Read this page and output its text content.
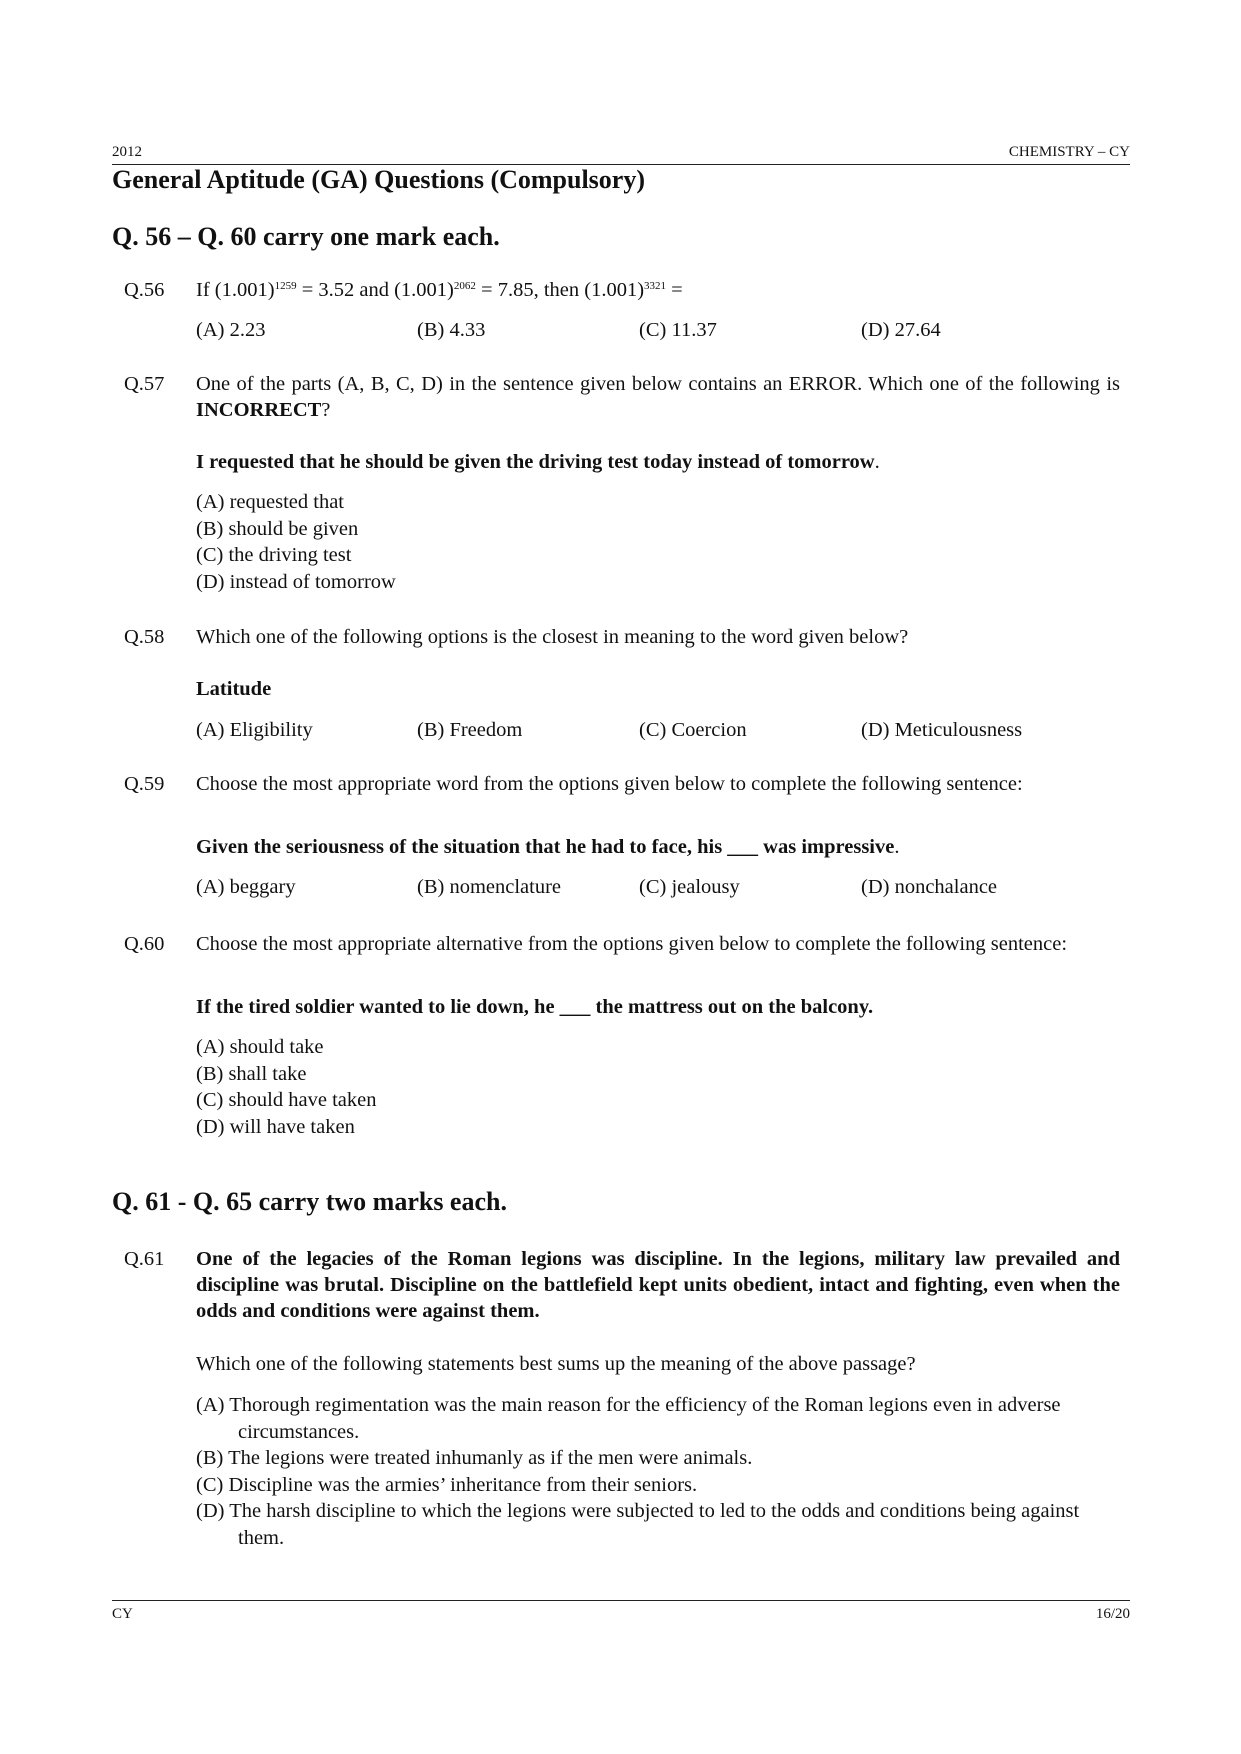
2012	CHEMISTRY – CY
General Aptitude (GA) Questions (Compulsory)
Q. 56 – Q. 60 carry one mark each.
Q.56 If $(1.001)^{1259} = 3.52$ and $(1.001)^{2062} = 7.85$, then $(1.001)^{3321}$ =
(A) 2.23	(B) 4.33	(C) 11.37	(D) 27.64
Q.57 One of the parts (A, B, C, D) in the sentence given below contains an ERROR. Which one of the following is INCORRECT?
I requested that he should be given the driving test today instead of tomorrow.
(A) requested that
(B) should be given
(C) the driving test
(D) instead of tomorrow
Q.58 Which one of the following options is the closest in meaning to the word given below?
Latitude
(A) Eligibility	(B) Freedom	(C) Coercion	(D) Meticulousness
Q.59 Choose the most appropriate word from the options given below to complete the following sentence:
Given the seriousness of the situation that he had to face, his ___ was impressive.
(A) beggary	(B) nomenclature	(C) jealousy	(D) nonchalance
Q.60 Choose the most appropriate alternative from the options given below to complete the following sentence:
If the tired soldier wanted to lie down, he ___ the mattress out on the balcony.
(A) should take
(B) shall take
(C) should have taken
(D) will have taken
Q. 61 - Q. 65 carry two marks each.
Q.61 One of the legacies of the Roman legions was discipline. In the legions, military law prevailed and discipline was brutal. Discipline on the battlefield kept units obedient, intact and fighting, even when the odds and conditions were against them.
Which one of the following statements best sums up the meaning of the above passage?
(A) Thorough regimentation was the main reason for the efficiency of the Roman legions even in adverse circumstances.
(B) The legions were treated inhumanly as if the men were animals.
(C) Discipline was the armies’ inheritance from their seniors.
(D) The harsh discipline to which the legions were subjected to led to the odds and conditions being against them.
CY	16/20
